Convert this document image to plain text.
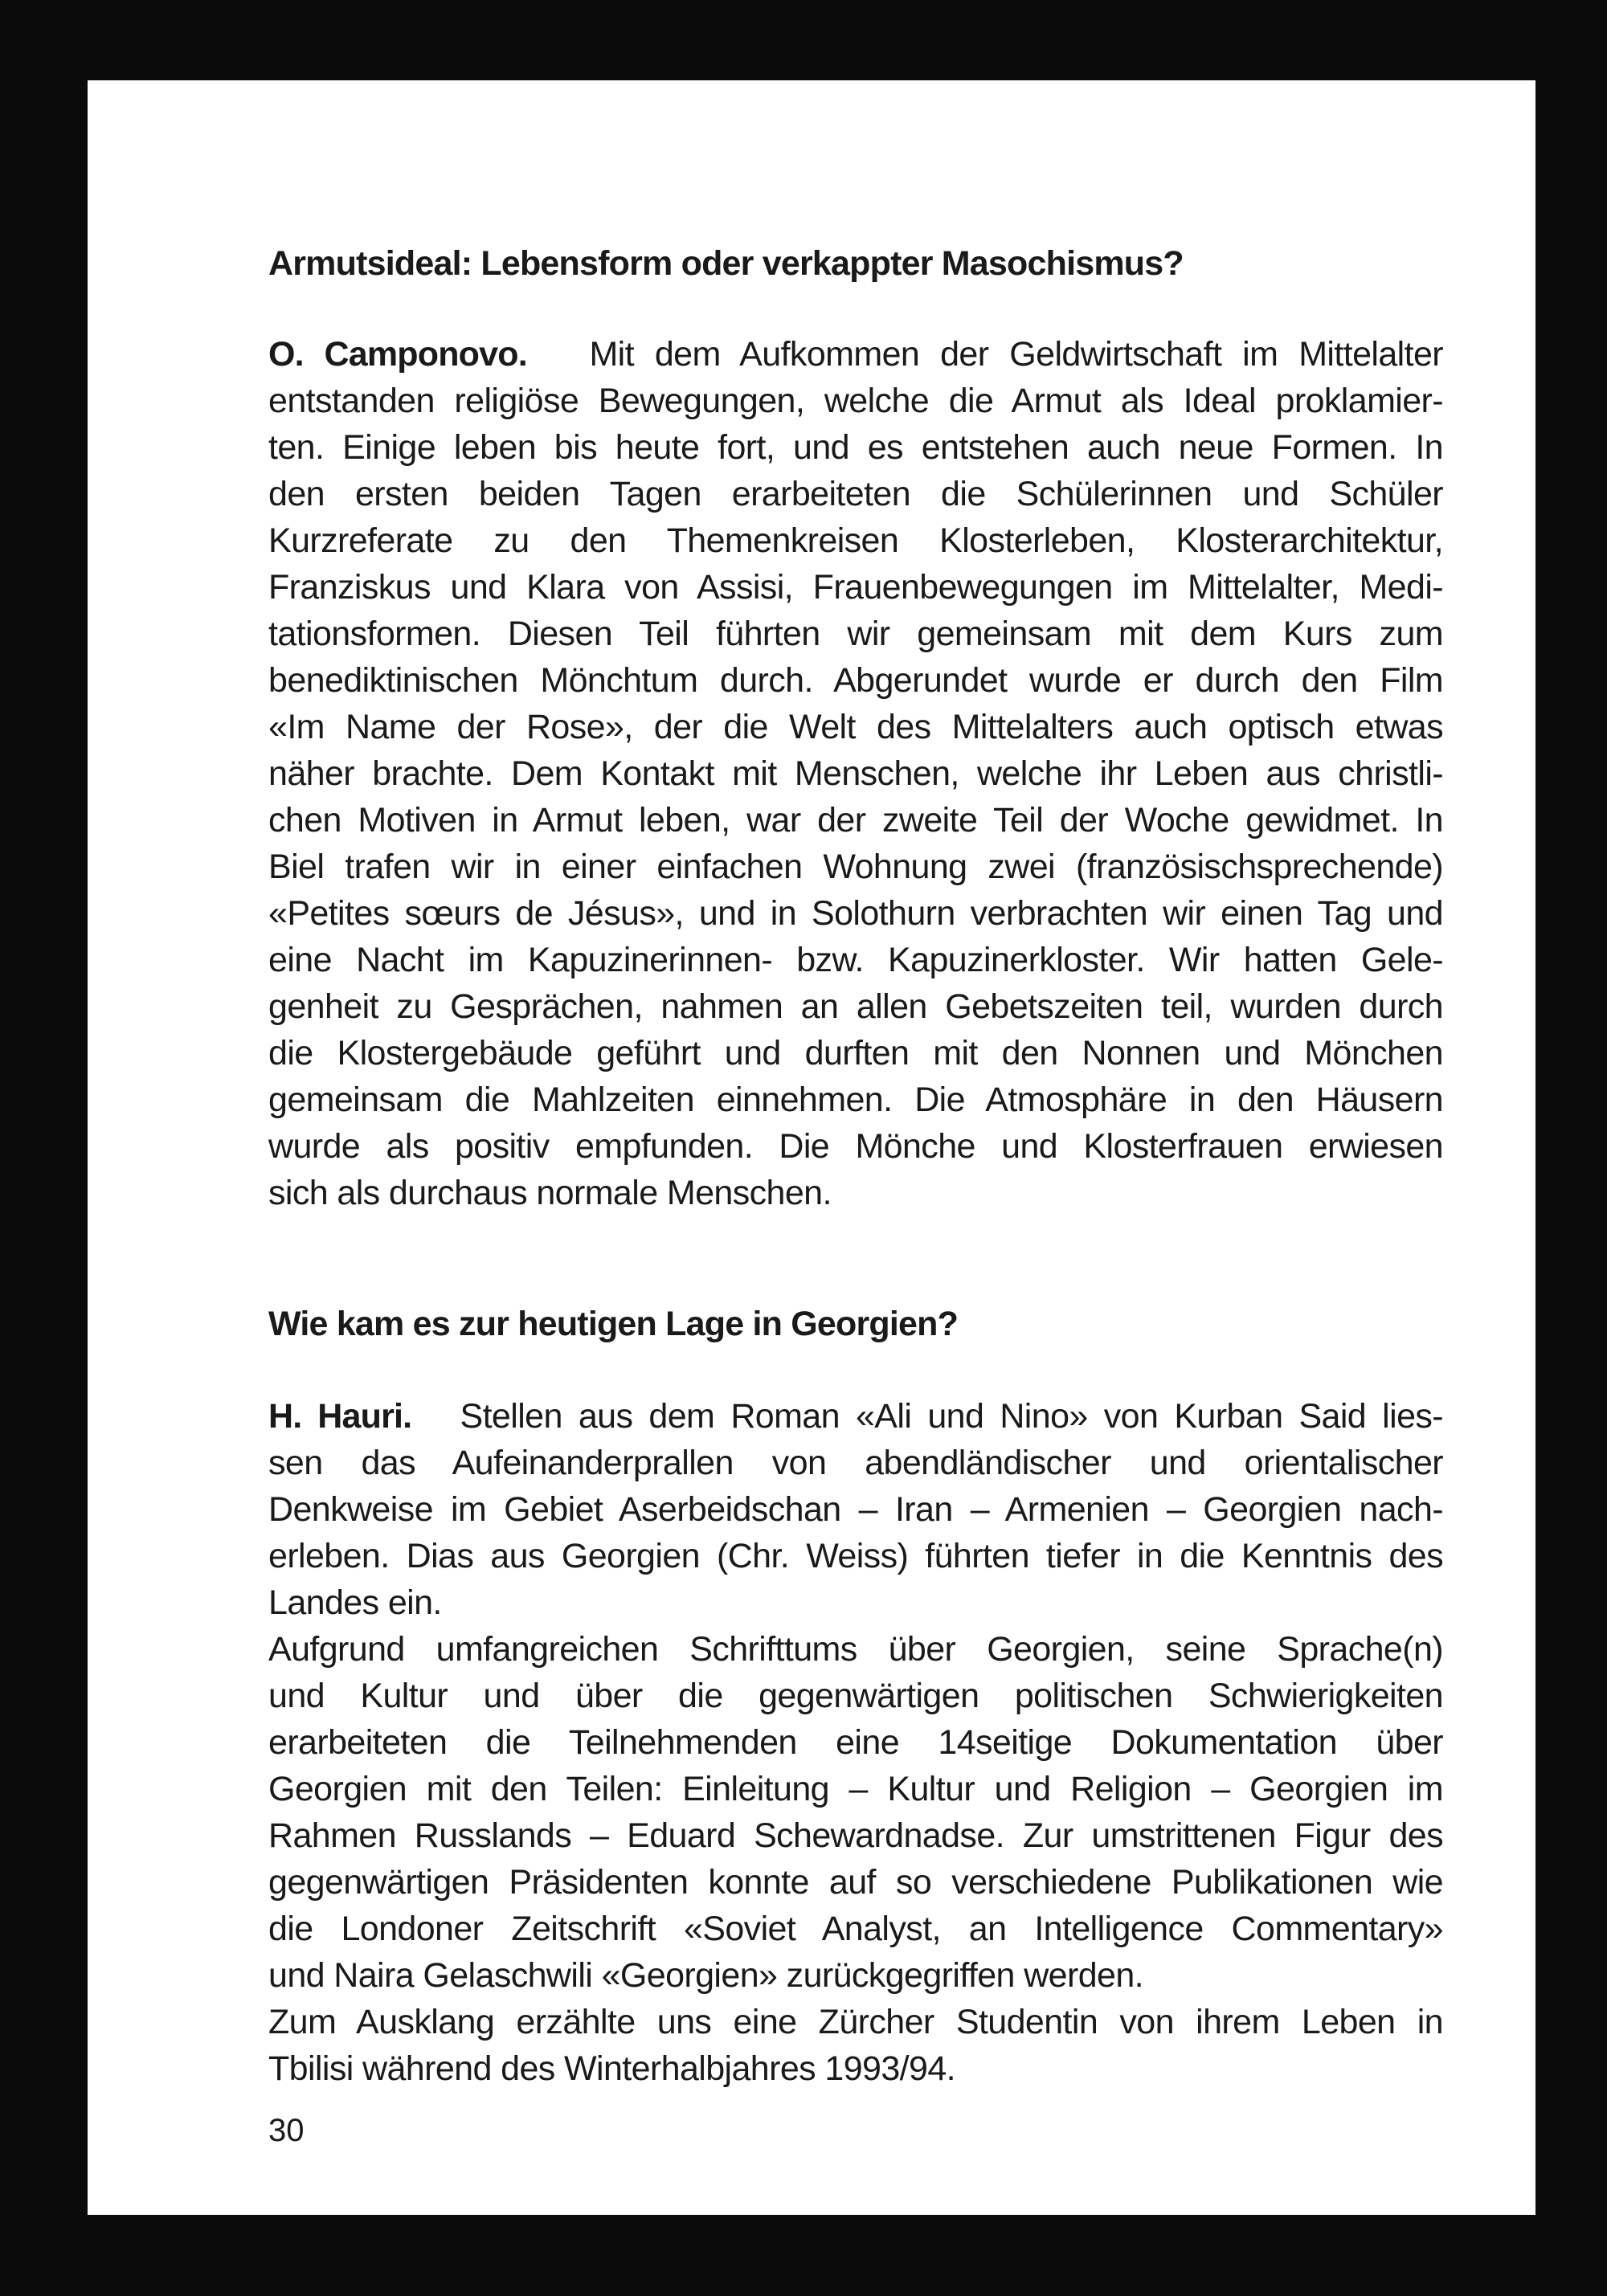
Armutsideal: Lebensform oder verkappter Masochismus?
O. Camponovo. Mit dem Aufkommen der Geldwirtschaft im Mittelalter
entstanden religiöse Bewegungen, welche die Armut als Ideal proklamier-
ten. Einige leben bis heute fort, und es entstehen auch neue Formen. In
den ersten beiden Tagen erarbeiteten die Schülerinnen und Schüler
Kurzreferate zu den Themenkreisen Klosterleben, Klosterarchitektur,
Franziskus und Klara von Assisi, Frauenbewegungen im Mittelalter, Medi-
tationsformen. Diesen Teil führten wir gemeinsam mit dem Kurs zum
benediktinischen Mönchtum durch. Abgerundet wurde er durch den Film
«Im Name der Rose», der die Welt des Mittelalters auch optisch etwas
näher brachte. Dem Kontakt mit Menschen, welche ihr Leben aus christli-
chen Motiven in Armut leben, war der zweite Teil der Woche gewidmet. In
Biel trafen wir in einer einfachen Wohnung zwei (französischsprechende)
«Petites sœurs de Jésus», und in Solothurn verbrachten wir einen Tag und
eine Nacht im Kapuzinerinnen- bzw. Kapuzinerkloster. Wir hatten Gele-
genheit zu Gesprächen, nahmen an allen Gebetszeiten teil, wurden durch
die Klostergebäude geführt und durften mit den Nonnen und Mönchen
gemeinsam die Mahlzeiten einnehmen. Die Atmosphäre in den Häusern
wurde als positiv empfunden. Die Mönche und Klosterfrauen erwiesen
sich als durchaus normale Menschen.
Wie kam es zur heutigen Lage in Georgien?
H. Hauri. Stellen aus dem Roman «Ali und Nino» von Kurban Said lies-
sen das Aufeinanderprallen von abendländischer und orientalischer
Denkweise im Gebiet Aserbeidschan – Iran – Armenien – Georgien nach-
erleben. Dias aus Georgien (Chr. Weiss) führten tiefer in die Kenntnis des
Landes ein.
Aufgrund umfangreichen Schrifttums über Georgien, seine Sprache(n)
und Kultur und über die gegenwärtigen politischen Schwierigkeiten
erarbeiteten die Teilnehmenden eine 14seitige Dokumentation über
Georgien mit den Teilen: Einleitung – Kultur und Religion – Georgien im
Rahmen Russlands – Eduard Schewardnadse. Zur umstrittenen Figur des
gegenwärtigen Präsidenten konnte auf so verschiedene Publikationen wie
die Londoner Zeitschrift «Soviet Analyst, an Intelligence Commentary»
und Naira Gelaschwili «Georgien» zurückgegriffen werden.
Zum Ausklang erzählte uns eine Zürcher Studentin von ihrem Leben in
Tbilisi während des Winterhalbjahres 1993/94.
30
